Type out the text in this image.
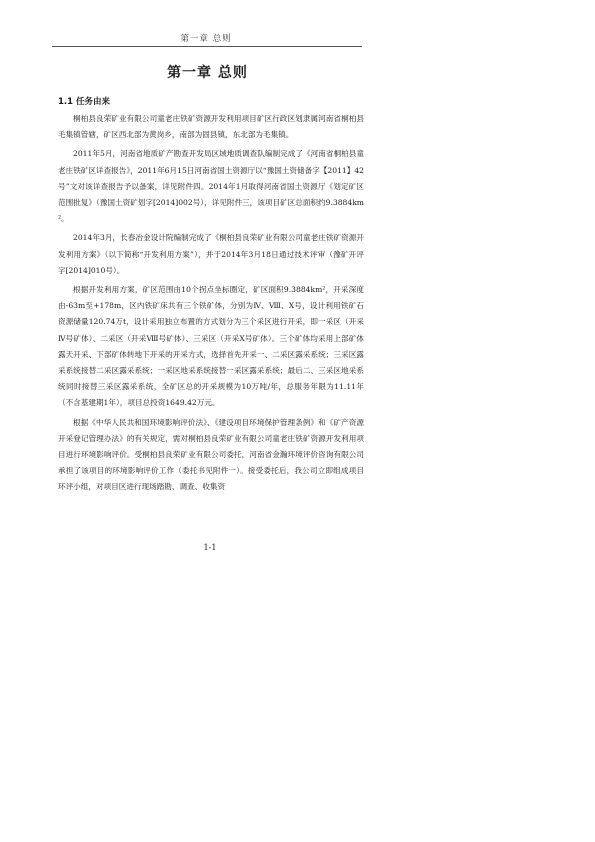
第一章 总则
第一章 总则
1.1 任务由来

桐柏县良荣矿业有限公司童老庄铁矿资源开发利用项目矿区行政区划隶属河南省桐柏县毛集镇管辖，矿区西北部为黄岗乡，南部为固县镇，东北部为毛集镇。

2011年5月，河南省地质矿产勘查开发局区域地质调查队编制完成了《河南省桐柏县童老庄铁矿区详查报告》，2011年6月15日河南省国土资源厅以“豫国土资储备字【2011】42号”文对该详查报告予以备案，详见附件四。2014年1月取得河南省国土资源厅《划定矿区范围批复》（豫国土资矿划字[2014]002号），详见附件三，该项目矿区总面积约9.3884km²。

2014年3月，长春冶金设计院编制完成了《桐柏县良荣矿业有限公司童老庄铁矿资源开发利用方案》（以下简称“开发利用方案”），并于2014年3月18日通过技术评审（豫矿开评字[2014]010号）。

根据开发利用方案，矿区范围由10个拐点坐标圈定，矿区面积9.3884km²，开采深度由-63m至+178m，区内铁矿床共有三个铁矿体，分别为Ⅳ、Ⅷ、Ⅹ号，设计利用铁矿石资源储量120.74万t，设计采用独立布置的方式划分为三个采区进行开采，即一采区（开采Ⅳ号矿体）、二采区（开采Ⅷ号矿体）、三采区（开采Ⅹ号矿体）。三个矿体均采用上部矿体露天开采、下部矿体转地下开采的开采方式，选择首先开采一、二采区露采系统；三采区露采系统接替二采区露采系统；一采区地采系统接替一采区露采系统；最后二、三采区地采系统同时接替三采区露采系统，全矿区总的开采规模为10万吨/年，总服务年限为11.11年（不含基建期1年），项目总投资1649.42万元。

根据《中华人民共和国环境影响评价法》、《建设项目环境保护管理条例》和《矿产资源开采登记管理办法》的有关规定，需对桐柏县良荣矿业有限公司童老庄铁矿资源开发利用项目进行环境影响评价。受桐柏县良荣矿业有限公司委托，河南省金瀚环境评价咨询有限公司承担了该项目的环境影响评价工作（委托书见附件一）。接受委托后，我公司立即组成项目环评小组，对项目区进行现场踏勘、调查、收集资

1-1
